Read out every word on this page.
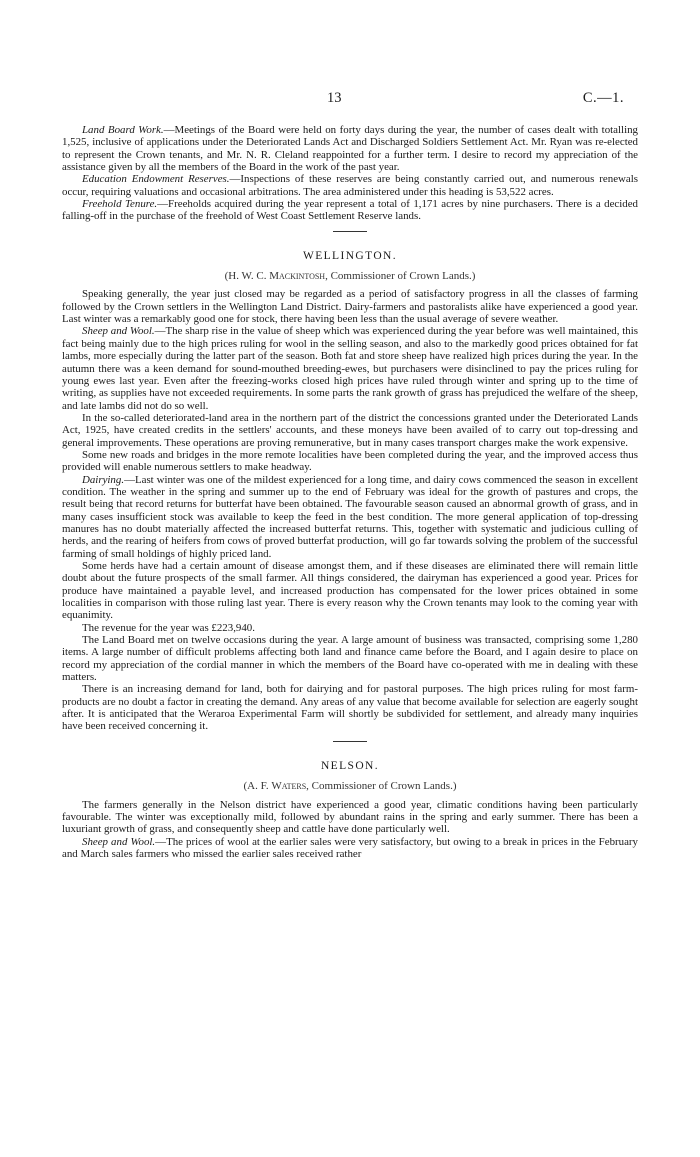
13	C.—1.

Land Board Work.—Meetings of the Board were held on forty days during the year, the number of cases dealt with totalling 1,525, inclusive of applications under the Deteriorated Lands Act and Discharged Soldiers Settlement Act. Mr. Ryan was re-elected to represent the Crown tenants, and Mr. N. R. Cleland reappointed for a further term. I desire to record my appreciation of the assistance given by all the members of the Board in the work of the past year.

Education Endowment Reserves.—Inspections of these reserves are being constantly carried out, and numerous renewals occur, requiring valuations and occasional arbitrations. The area administered under this heading is 53,522 acres.

Freehold Tenure.—Freeholds acquired during the year represent a total of 1,171 acres by nine purchasers. There is a decided falling-off in the purchase of the freehold of West Coast Settlement Reserve lands.

WELLINGTON.
(H. W. C. Mackintosh, Commissioner of Crown Lands.)

Speaking generally, the year just closed may be regarded as a period of satisfactory progress in all the classes of farming followed by the Crown settlers in the Wellington Land District. Dairy-farmers and pastoralists alike have experienced a good year. Last winter was a remarkably good one for stock, there having been less than the usual average of severe weather.

Sheep and Wool.—The sharp rise in the value of sheep which was experienced during the year before was well maintained, this fact being mainly due to the high prices ruling for wool in the selling season, and also to the markedly good prices obtained for fat lambs, more especially during the latter part of the season. Both fat and store sheep have realized high prices during the year. In the autumn there was a keen demand for sound-mouthed breeding-ewes, but purchasers were disinclined to pay the prices ruling for young ewes last year. Even after the freezing-works closed high prices have ruled through winter and spring up to the time of writing, as supplies have not exceeded requirements. In some parts the rank growth of grass has prejudiced the welfare of the sheep, and late lambs did not do so well.

In the so-called deteriorated-land area in the northern part of the district the concessions granted under the Deteriorated Lands Act, 1925, have created credits in the settlers' accounts, and these moneys have been availed of to carry out top-dressing and general improvements. These operations are proving remunerative, but in many cases transport charges make the work expensive.

Some new roads and bridges in the more remote localities have been completed during the year, and the improved access thus provided will enable numerous settlers to make headway.

Dairying.—Last winter was one of the mildest experienced for a long time, and dairy cows commenced the season in excellent condition. The weather in the spring and summer up to the end of February was ideal for the growth of pastures and crops, the result being that record returns for butterfat have been obtained. The favourable season caused an abnormal growth of grass, and in many cases insufficient stock was available to keep the feed in the best condition. The more general application of top-dressing manures has no doubt materially affected the increased butterfat returns. This, together with systematic and judicious culling of herds, and the rearing of heifers from cows of proved butterfat production, will go far towards solving the problem of the successful farming of small holdings of highly priced land.

Some herds have had a certain amount of disease amongst them, and if these diseases are eliminated there will remain little doubt about the future prospects of the small farmer. All things considered, the dairyman has experienced a good year. Prices for produce have maintained a payable level, and increased production has compensated for the lower prices obtained in some localities in comparison with those ruling last year. There is every reason why the Crown tenants may look to the coming year with equanimity.

The revenue for the year was £223,940.

The Land Board met on twelve occasions during the year. A large amount of business was transacted, comprising some 1,280 items. A large number of difficult problems affecting both land and finance came before the Board, and I again desire to place on record my appreciation of the cordial manner in which the members of the Board have co-operated with me in dealing with these matters.

There is an increasing demand for land, both for dairying and for pastoral purposes. The high prices ruling for most farm-products are no doubt a factor in creating the demand. Any areas of any value that become available for selection are eagerly sought after. It is anticipated that the Weraroa Experimental Farm will shortly be subdivided for settlement, and already many inquiries have been received concerning it.

NELSON.
(A. F. Waters, Commissioner of Crown Lands.)

The farmers generally in the Nelson district have experienced a good year, climatic conditions having been particularly favourable. The winter was exceptionally mild, followed by abundant rains in the spring and early summer. There has been a luxuriant growth of grass, and consequently sheep and cattle have done particularly well.

Sheep and Wool.—The prices of wool at the earlier sales were very satisfactory, but owing to a break in prices in the February and March sales farmers who missed the earlier sales received rather
